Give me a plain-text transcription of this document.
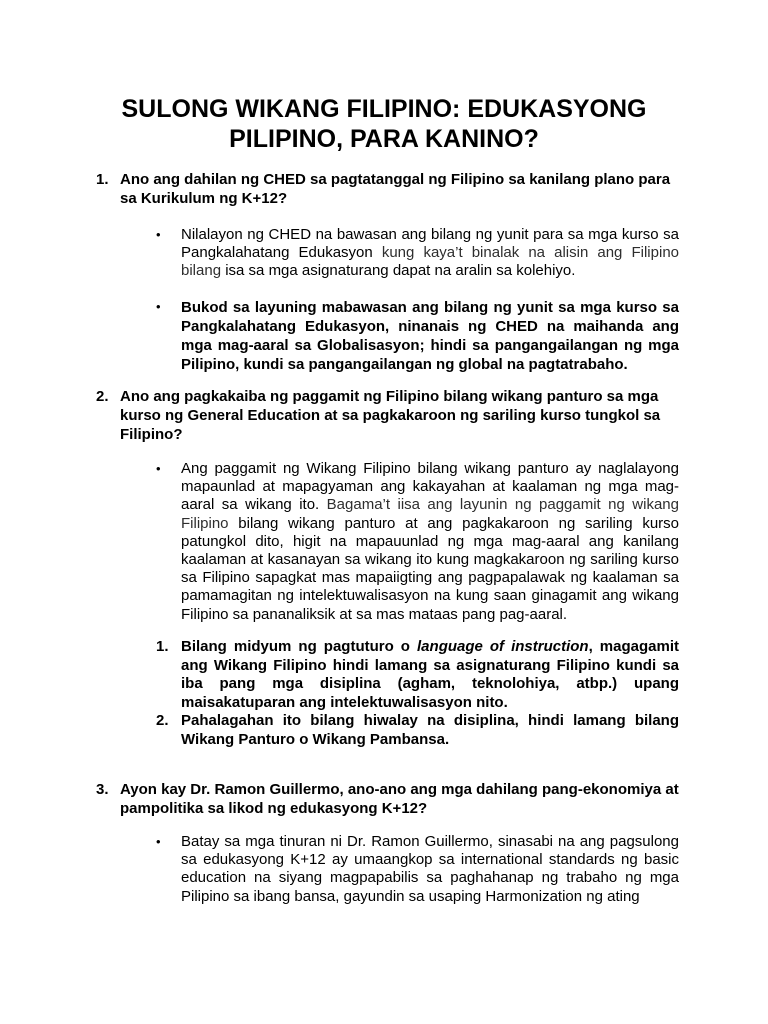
SULONG WIKANG FILIPINO: EDUKASYONG
PILIPINO, PARA KANINO?
1. Ano ang dahilan ng CHED sa pagtatanggal ng Filipino sa kanilang plano para sa Kurikulum ng K+12?
•	Nilalayon ng CHED na bawasan ang bilang ng yunit para sa mga kurso sa Pangkalahatang Edukasyon kung kaya’t binalak na alisin ang Filipino bilang isa sa mga asignaturang dapat na aralin sa kolehiyo.
•	Bukod sa layuning mabawasan ang bilang ng yunit sa mga kurso sa Pangkalahatang Edukasyon, ninanais ng CHED na maihanda ang mga mag-aaral sa Globalisasyon; hindi sa pangangailangan ng mga Pilipino, kundi sa pangangailangan ng global na pagtatrabaho.
2. Ano ang pagkakaiba ng paggamit ng Filipino bilang wikang panturo sa mga kurso ng General Education at sa pagkakaroon ng sariling kurso tungkol sa Filipino?
•	Ang paggamit ng Wikang Filipino bilang wikang panturo ay naglalayong mapaunlad at mapagyaman ang kakayahan at kaalaman ng mga mag-aaral sa wikang ito. Bagama’t iisa ang layunin ng paggamit ng wikang Filipino bilang wikang panturo at ang pagkakaroon ng sariling kurso patungkol dito, higit na mapauunlad ng mga mag-aaral ang kanilang kaalaman at kasanayan sa wikang ito kung magkakaroon ng sariling kurso sa Filipino sapagkat mas mapaiigting ang pagpapalawak ng kaalaman sa pamamagitan ng intelektuwalisasyon na kung saan ginagamit ang wikang Filipino sa pananaliksik at sa mas mataas pang pag-aaral.
1. Bilang midyum ng pagtuturo o language of instruction, magagamit ang Wikang Filipino hindi lamang sa asignaturang Filipino kundi sa iba pang mga disiplina (agham, teknolohiya, atbp.) upang maisakatuparan ang intelektuwalisasyon nito.
2. Pahalagahan ito bilang hiwalay na disiplina, hindi lamang bilang Wikang Panturo o Wikang Pambansa.
3. Ayon kay Dr. Ramon Guillermo, ano-ano ang mga dahilang pang-ekonomiya at pampolitika sa likod ng edukasyong K+12?
•	Batay sa mga tinuran ni Dr. Ramon Guillermo, sinasabi na ang pagsulong sa edukasyong K+12 ay umaangkop sa international standards ng basic education na siyang magpapabilis sa paghahanap ng trabaho ng mga Pilipino sa ibang bansa, gayundin sa usaping Harmonization ng ating
